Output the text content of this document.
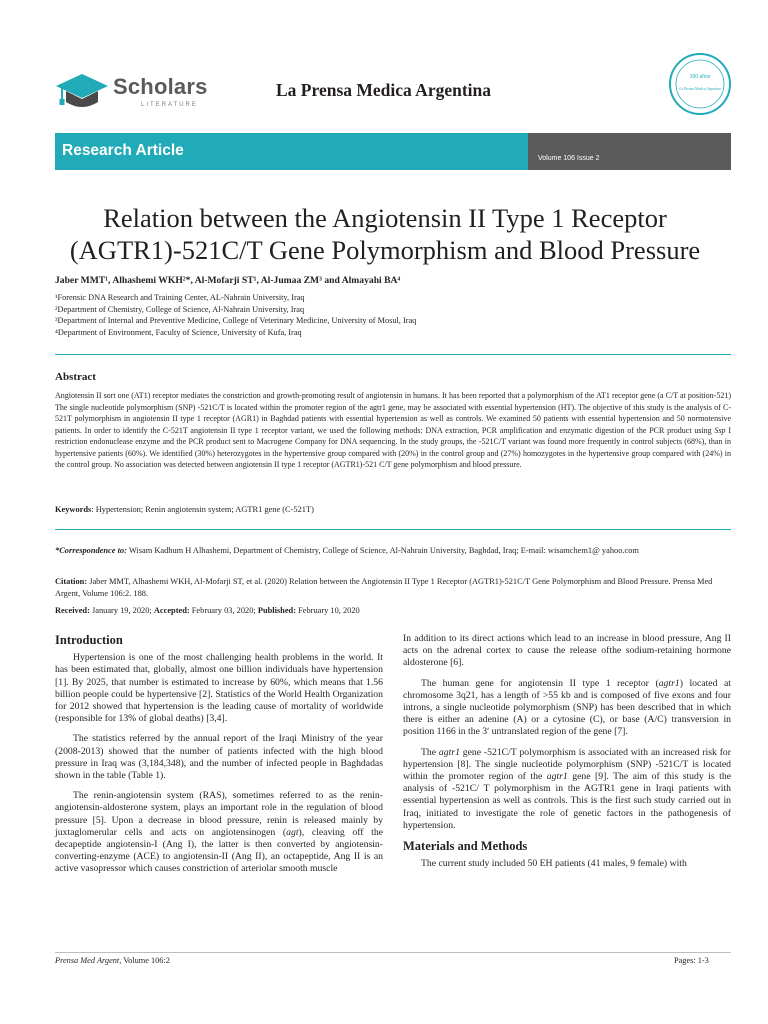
Scholars
LITERATURE
La Prensa Medica Argentina
100 años
La Prensa Medica Argentina
Research Article	Volume 106 Issue 2
Relation between the Angiotensin II Type 1 Receptor
(AGTR1)-521C/T Gene Polymorphism and Blood Pressure
Jaber MMT¹, Alhashemi WKH²*, Al-Mofarji ST¹, Al-Jumaa ZM³ and Almayahi BA⁴
¹Forensic DNA Research and Training Center, AL-Nahrain University, Iraq
²Department of Chemistry, College of Science, Al-Nahrain University, Iraq
³Department of Internal and Preventive Medicine, College of Veterinary Medicine, University of Mosul, Iraq
⁴Department of Environment, Faculty of Science, University of Kufa, Iraq
Abstract
Angiotensin II sort one (AT1) receptor mediates the constriction and growth-promoting result of angiotensin in humans. It has been reported that a polymorphism of the AT1 receptor gene (a C/T at position-521) The single nucleotide polymorphism (SNP) -521C/T is located within the promoter region of the agtr1 gene, may be associated with essential hypertension (HT). The objective of this study is the analysis of C-521T polymorphism in angiotensin II type 1 receptor (AGR1) in Baghdad patients with essential hypertension as well as controls. We examined 50 patients with essential hypertension and 50 normotensive patients. In order to identify the C-521T angiotensin II type 1 receptor variant, we used the following methods: DNA extraction, PCR amplification and enzymatic digestion of the PCR product using Ssp I restriction endonuclease enzyme and the PCR product sent to Macrogene Company for DNA sequencing. In the study groups, the -521C/T variant was found more frequently in control subjects (68%), than in hypertensive patients (60%). We identified (30%) heterozygotes in the hypertensive group compared with (20%) in the control group and (27%) homozygotes in the hypertensive group compared with (24%) in the control group. No association was detected between angiotensin II type 1 receptor (AGTR1)-521 C/T gene polymorphism and blood pressure.
Keywords: Hypertension; Renin angiotensin system; AGTR1 gene (C-521T)
*Correspondence to: Wisam Kadhum H Alhashemi, Department of Chemistry, College of Science, Al-Nahrain University, Baghdad, Iraq; E-mail: wisamchem1@ yahoo.com
Citation: Jaber MMT, Alhashemi WKH, Al-Mofarji ST, et al. (2020) Relation between the Angiotensin II Type 1 Receptor (AGTR1)-521C/T Gene Polymorphism and Blood Pressure. Prensa Med Argent, Volume 106:2. 188.
Received: January 19, 2020; Accepted: February 03, 2020; Published: February 10, 2020
Introduction

Hypertension is one of the most challenging health problems in the world. It has been estimated that, globally, almost one billion individuals have hypertension [1]. By 2025, that number is estimated to increase by 60%, which means that 1.56 billion people could be hypertensive [2]. Statistics of the World Health Organization for 2012 showed that hypertension is the leading cause of mortality of worldwide (responsible for 13% of global deaths) [3,4].

The statistics referred by the annual report of the Iraqi Ministry of the year (2008-2013) showed that the number of patients infected with the high blood pressure in Iraq was (3,184,348), and the number of infected people in Baghdadas shown in the table (Table 1).

The renin-angiotensin system (RAS), sometimes referred to as the renin-angiotensin-aldosterone system, plays an important role in the regulation of blood pressure [5]. Upon a decrease in blood pressure, renin is released mainly by juxtaglomerular cells and acts on angiotensinogen (agt), cleaving off the decapeptide angiotensin-I (Ang I), the latter is then converted by angiotensin-converting-enzyme (ACE) to angiotensin-II (Ang II), an octapeptide, Ang II is an active vasopressor which causes constriction of arteriolar smooth muscle

In addition to its direct actions which lead to an increase in blood pressure, Ang II acts on the adrenal cortex to cause the release ofthe sodium-retaining hormone aldosterone [6].

The human gene for angiotensin II type 1 receptor (agtr1) located at chromosome 3q21, has a length of >55 kb and is composed of five exons and four introns, a single nucleotide polymorphism (SNP) has been described that in which there is either an adenine (A) or a cytosine (C), or base (A/C) transversion in position 1166 in the 3ʹ untranslated region of the gene [7].

The agtr1 gene -521C/T polymorphism is associated with an increased risk for hypertension [8]. The single nucleotide polymorphism (SNP) -521C/T is located within the promoter region of the agtr1 gene [9]. The aim of this study is the analysis of -521C/ T polymorphism in the AGTR1 gene in Iraqi patients with essential hypertension as well as controls. This is the first such study carried out in Iraq, initiated to investigate the role of genetic factors in the pathogenesis of hypertension.

Materials and Methods

The current study included 50 EH patients (41 males, 9 female) with

Prensa Med Argent, Volume 106:2	Pages: 1-3
